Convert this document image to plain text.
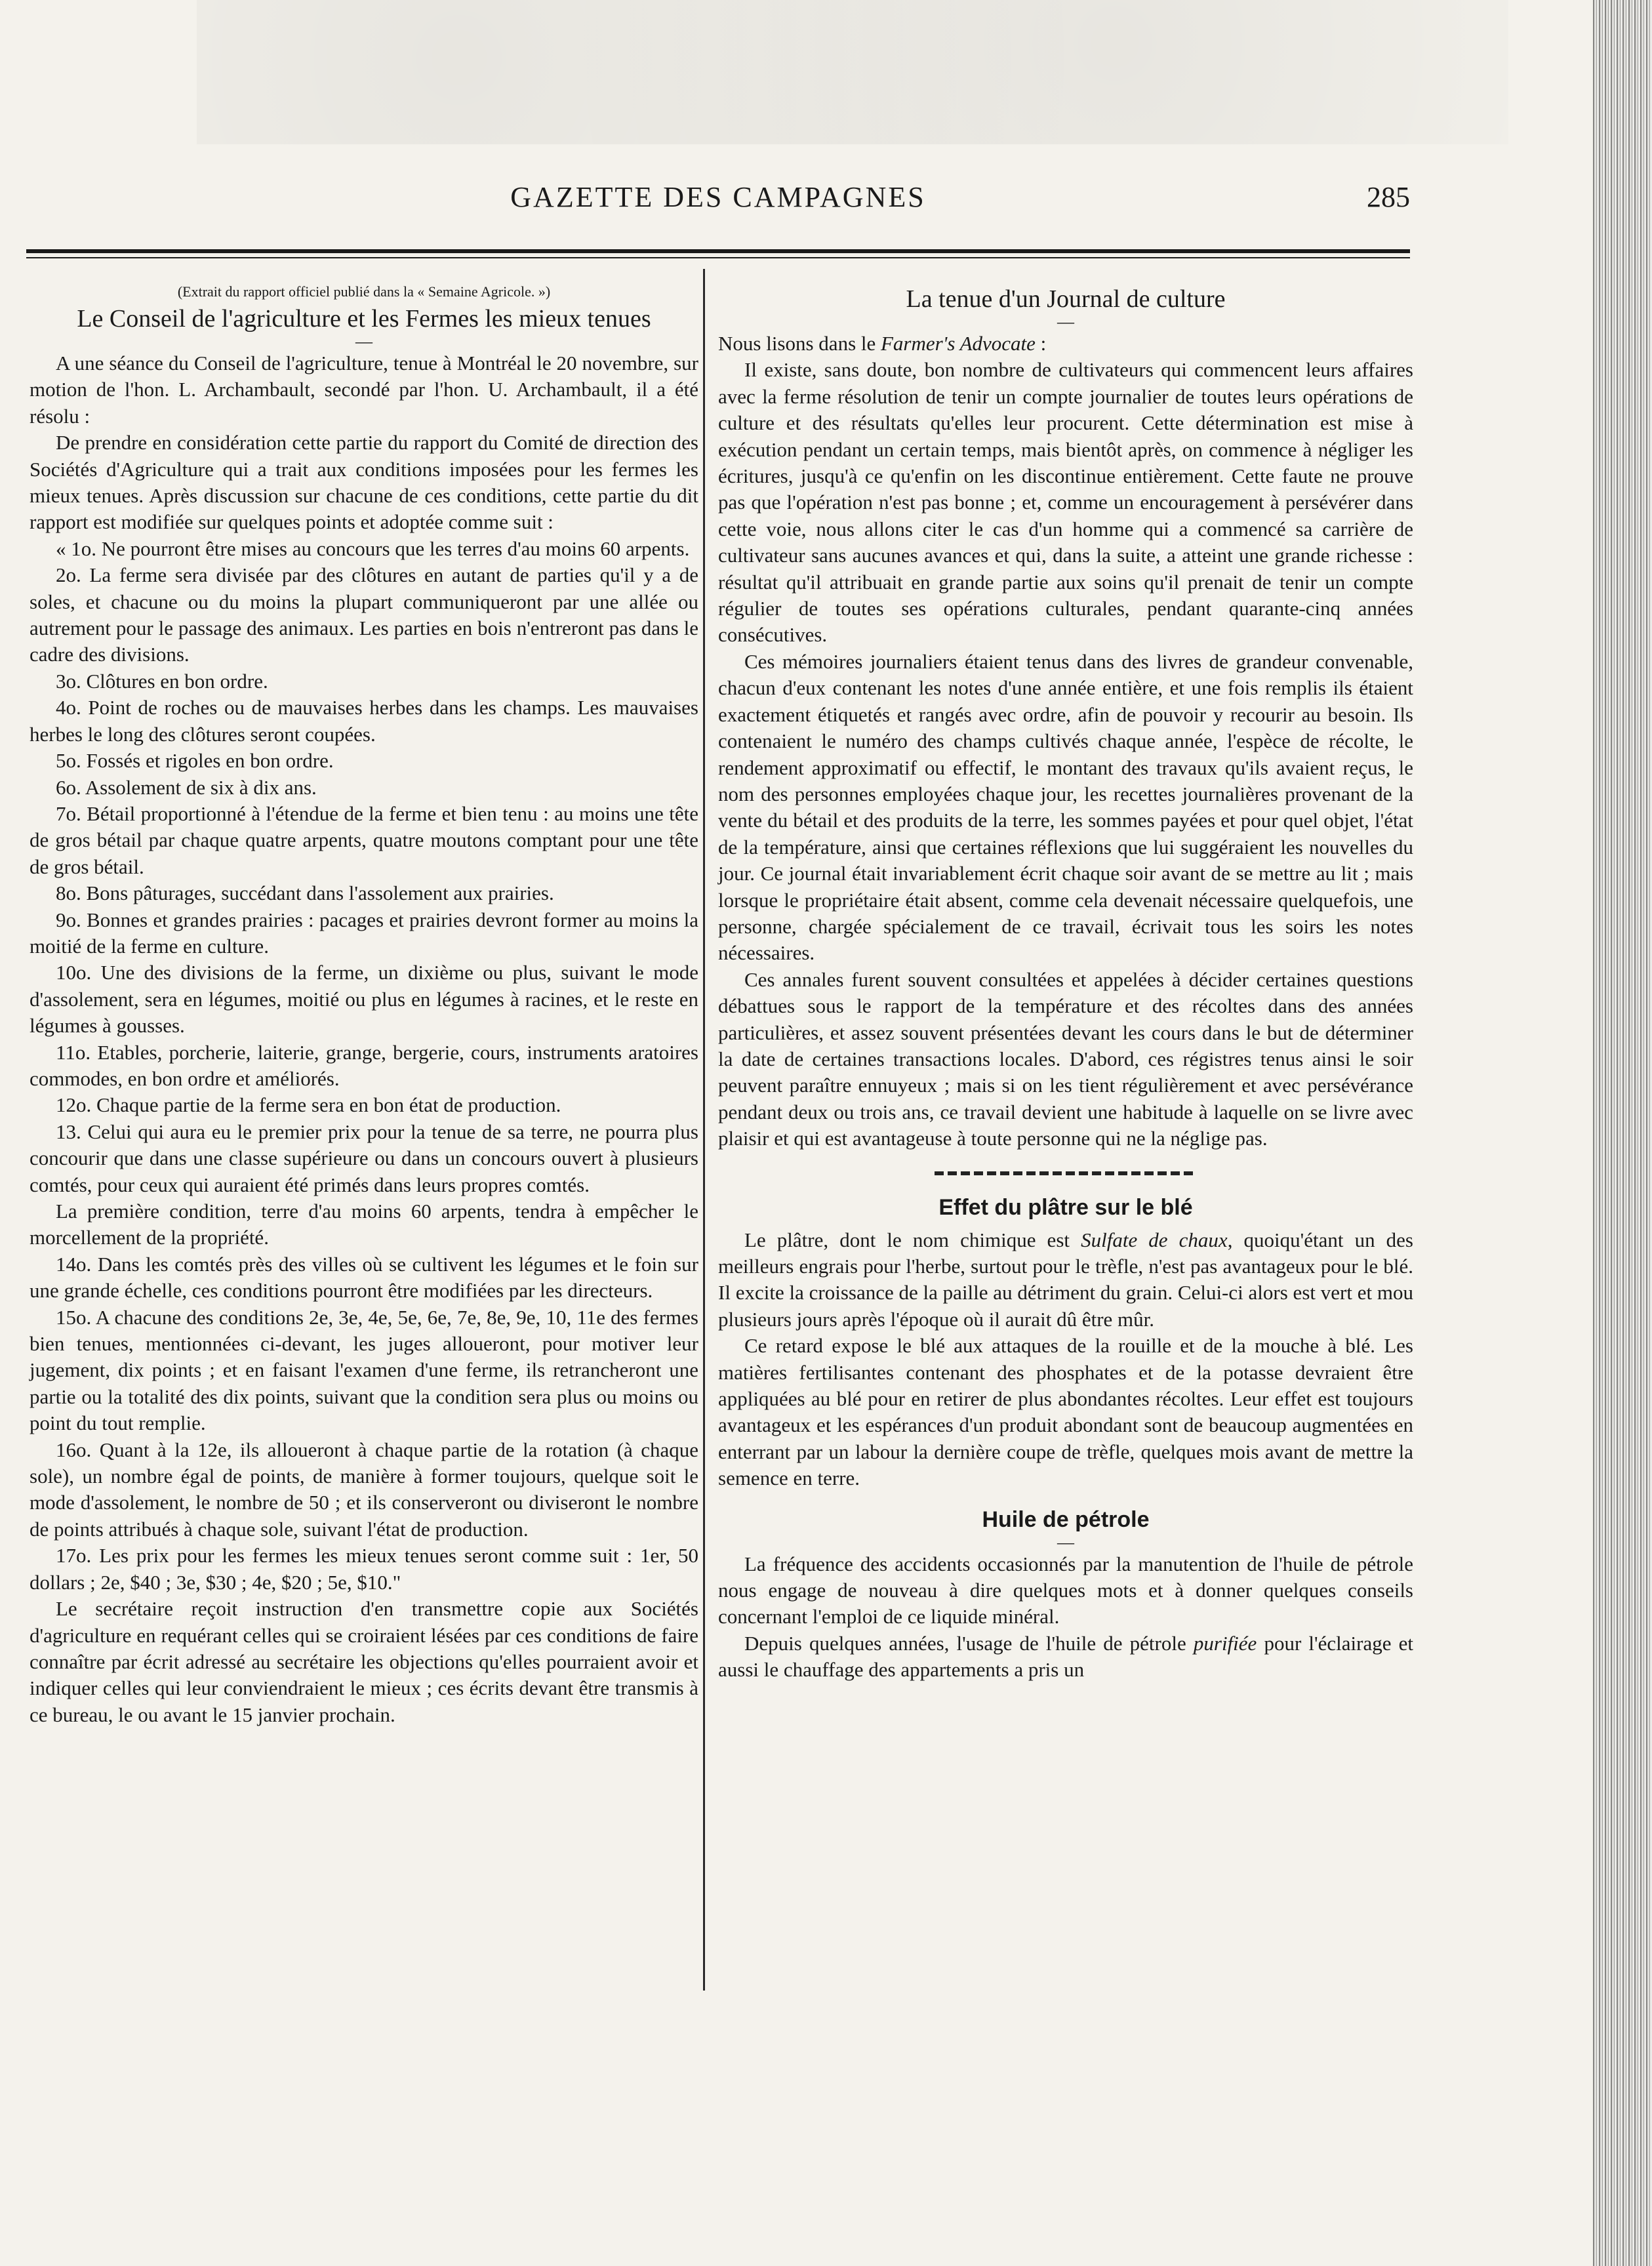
GAZETTE DES CAMPAGNES	285
(Extrait du rapport officiel publié dans la « Semaine Agricole. »)
Le Conseil de l'agriculture et les Fermes les mieux tenues
—

A une séance du Conseil de l'agriculture, tenue à Montréal le 20 novembre, sur motion de l'hon. L. Archambault, secondé par l'hon. U. Archambault, il a été résolu :

De prendre en considération cette partie du rapport du Comité de direction des Sociétés d'Agriculture qui a trait aux conditions imposées pour les fermes les mieux tenues. Après discussion sur chacune de ces conditions, cette partie du dit rapport est modifiée sur quelques points et adoptée comme suit :

« 1o. Ne pourront être mises au concours que les terres d'au moins 60 arpents.

2o. La ferme sera divisée par des clôtures en autant de parties qu'il y a de soles, et chacune ou du moins la plupart communiqueront par une allée ou autrement pour le passage des animaux. Les parties en bois n'entreront pas dans le cadre des divisions.

3o. Clôtures en bon ordre.

4o. Point de roches ou de mauvaises herbes dans les champs. Les mauvaises herbes le long des clôtures seront coupées.

5o. Fossés et rigoles en bon ordre.

6o. Assolement de six à dix ans.

7o. Bétail proportionné à l'étendue de la ferme et bien tenu : au moins une tête de gros bétail par chaque quatre arpents, quatre moutons comptant pour une tête de gros bétail.

8o. Bons pâturages, succédant dans l'assolement aux prairies.

9o. Bonnes et grandes prairies : pacages et prairies devront former au moins la moitié de la ferme en culture.

10o. Une des divisions de la ferme, un dixième ou plus, suivant le mode d'assolement, sera en légumes, moitié ou plus en légumes à racines, et le reste en légumes à gousses.

11o. Etables, porcherie, laiterie, grange, bergerie, cours, instruments aratoires commodes, en bon ordre et améliorés.

12o. Chaque partie de la ferme sera en bon état de production.

13. Celui qui aura eu le premier prix pour la tenue de sa terre, ne pourra plus concourir que dans une classe supérieure ou dans un concours ouvert à plusieurs comtés, pour ceux qui auraient été primés dans leurs propres comtés.

La première condition, terre d'au moins 60 arpents, tendra à empêcher le morcellement de la propriété.

14o. Dans les comtés près des villes où se cultivent les légumes et le foin sur une grande échelle, ces conditions pourront être modifiées par les directeurs.

15o. A chacune des conditions 2e, 3e, 4e, 5e, 6e, 7e, 8e, 9e, 10, 11e des fermes bien tenues, mentionnées ci-devant, les juges alloueront, pour motiver leur jugement, dix points ; et en faisant l'examen d'une ferme, ils retrancheront une partie ou la totalité des dix points, suivant que la condition sera plus ou moins ou point du tout remplie.

16o. Quant à la 12e, ils alloueront à chaque partie de la rotation (à chaque sole), un nombre égal de points, de manière à former toujours, quelque soit le mode d'assolement, le nombre de 50 ; et ils conserveront ou diviseront le nombre de points attribués à chaque sole, suivant l'état de production.

17o. Les prix pour les fermes les mieux tenues seront comme suit : 1er, 50 dollars ; 2e, $40 ; 3e, $30 ; 4e, $20 ; 5e, $10."

Le secrétaire reçoit instruction d'en transmettre copie aux Sociétés d'agriculture en requérant celles qui se croiraient lésées par ces conditions de faire connaître par écrit adressé au secrétaire les objections qu'elles pourraient avoir et indiquer celles qui leur conviendraient le mieux ; ces écrits devant être transmis à ce bureau, le ou avant le 15 janvier prochain.

La tenue d'un Journal de culture
—

Nous lisons dans le Farmer's Advocate :

Il existe, sans doute, bon nombre de cultivateurs qui commencent leurs affaires avec la ferme résolution de tenir un compte journalier de toutes leurs opérations de culture et des résultats qu'elles leur procurent. Cette détermination est mise à exécution pendant un certain temps, mais bientôt après, on commence à négliger les écritures, jusqu'à ce qu'enfin on les discontinue entièrement. Cette faute ne prouve pas que l'opération n'est pas bonne ; et, comme un encouragement à persévérer dans cette voie, nous allons citer le cas d'un homme qui a commencé sa carrière de cultivateur sans aucunes avances et qui, dans la suite, a atteint une grande richesse : résultat qu'il attribuait en grande partie aux soins qu'il prenait de tenir un compte régulier de toutes ses opérations culturales, pendant quarante-cinq années consécutives.

Ces mémoires journaliers étaient tenus dans des livres de grandeur convenable, chacun d'eux contenant les notes d'une année entière, et une fois remplis ils étaient exactement étiquetés et rangés avec ordre, afin de pouvoir y recourir au besoin. Ils contenaient le numéro des champs cultivés chaque année, l'espèce de récolte, le rendement approximatif ou effectif, le montant des travaux qu'ils avaient reçus, le nom des personnes employées chaque jour, les recettes journalières provenant de la vente du bétail et des produits de la terre, les sommes payées et pour quel objet, l'état de la température, ainsi que certaines réflexions que lui suggéraient les nouvelles du jour. Ce journal était invariablement écrit chaque soir avant de se mettre au lit ; mais lorsque le propriétaire était absent, comme cela devenait nécessaire quelquefois, une personne, chargée spécialement de ce travail, écrivait tous les soirs les notes nécessaires.

Ces annales furent souvent consultées et appelées à décider certaines questions débattues sous le rapport de la température et des récoltes dans des années particulières, et assez souvent présentées devant les cours dans le but de déterminer la date de certaines transactions locales. D'abord, ces régistres tenus ainsi le soir peuvent paraître ennuyeux ; mais si on les tient régulièrement et avec persévérance pendant deux ou trois ans, ce travail devient une habitude à laquelle on se livre avec plaisir et qui est avantageuse à toute personne qui ne la néglige pas.

Effet du plâtre sur le blé

Le plâtre, dont le nom chimique est Sulfate de chaux, quoiqu'étant un des meilleurs engrais pour l'herbe, surtout pour le trèfle, n'est pas avantageux pour le blé. Il excite la croissance de la paille au détriment du grain. Celui-ci alors est vert et mou plusieurs jours après l'époque où il aurait dû être mûr.

Ce retard expose le blé aux attaques de la rouille et de la mouche à blé. Les matières fertilisantes contenant des phosphates et de la potasse devraient être appliquées au blé pour en retirer de plus abondantes récoltes. Leur effet est toujours avantageux et les espérances d'un produit abondant sont de beaucoup augmentées en enterrant par un labour la dernière coupe de trèfle, quelques mois avant de mettre la semence en terre.

Huile de pétrole
—

La fréquence des accidents occasionnés par la manutention de l'huile de pétrole nous engage de nouveau à dire quelques mots et à donner quelques conseils concernant l'emploi de ce liquide minéral.

Depuis quelques années, l'usage de l'huile de pétrole purifiée pour l'éclairage et aussi le chauffage des appartements a pris un
